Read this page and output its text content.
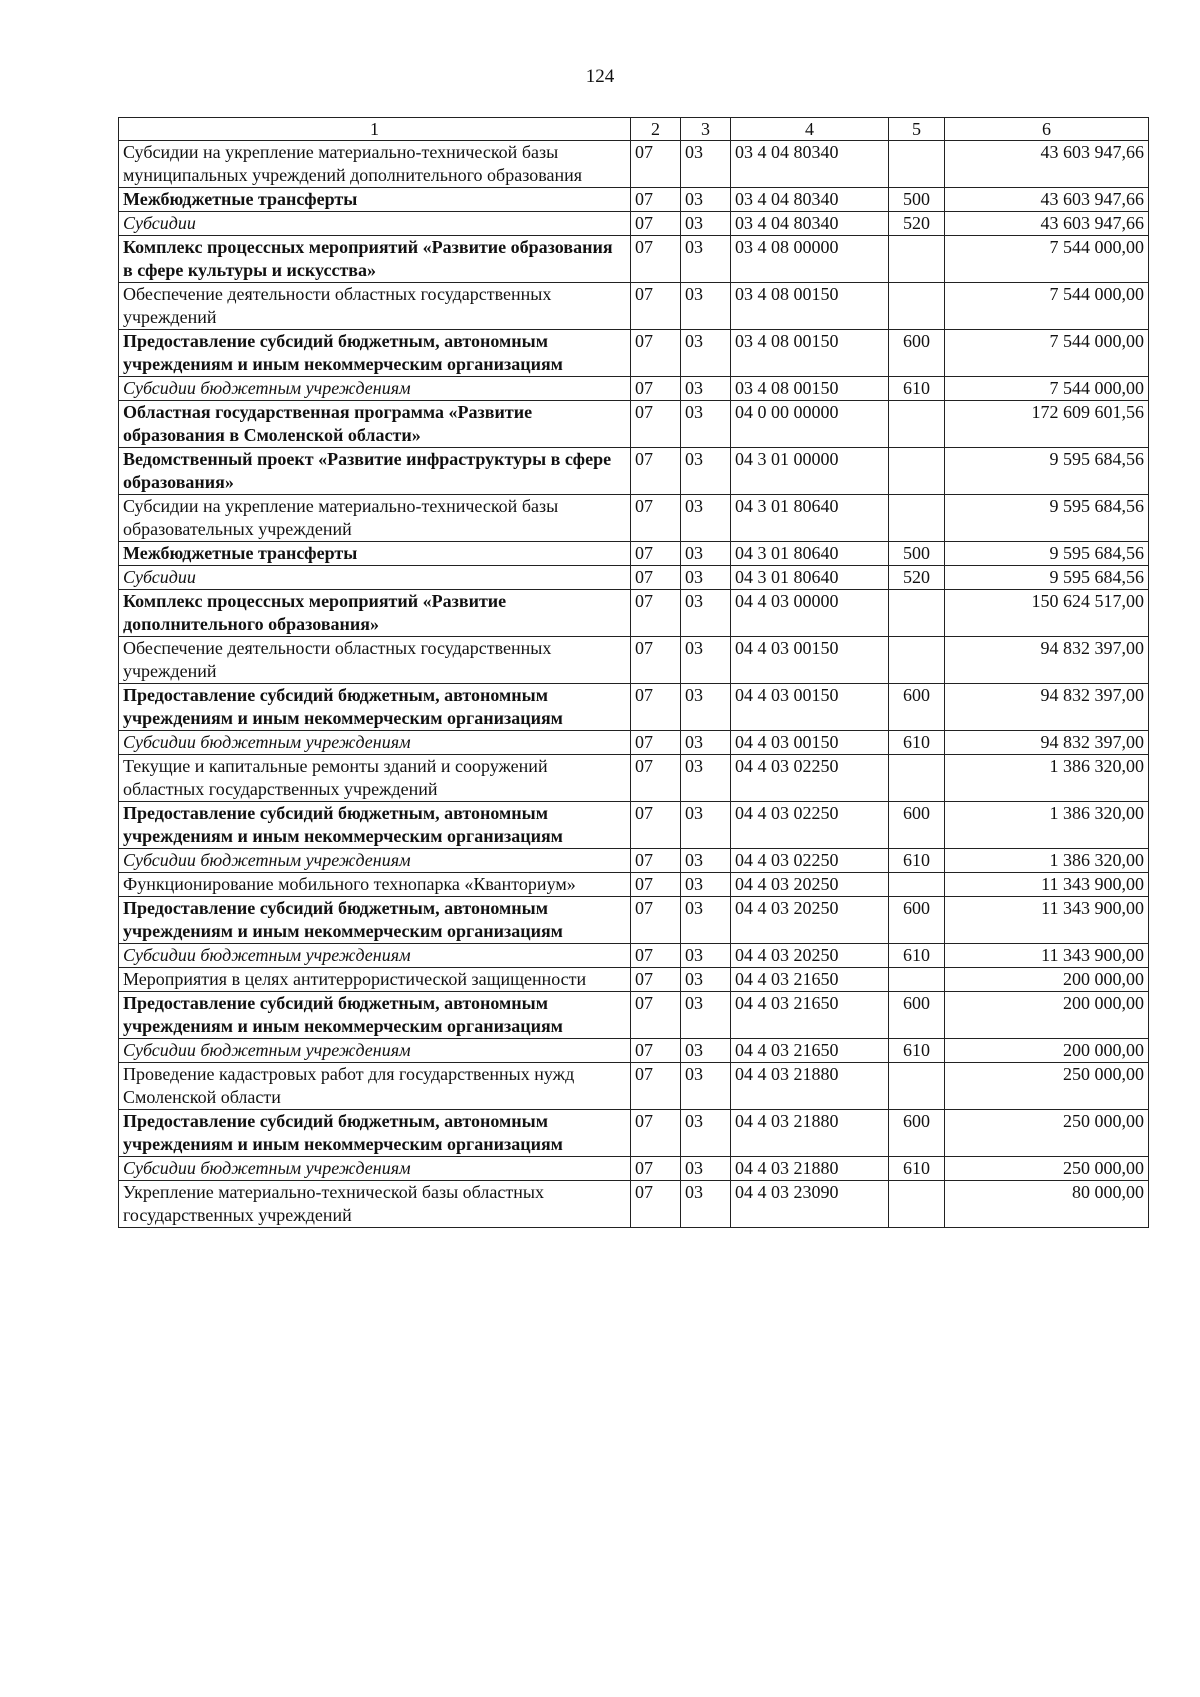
124
1	2	3	4	5	6
Субсидии на укрепление материально-технической базы муниципальных учреждений дополнительного образования	07	03	03 4 04 80340		43 603 947,66
Межбюджетные трансферты	07	03	03 4 04 80340	500	43 603 947,66
Субсидии	07	03	03 4 04 80340	520	43 603 947,66
Комплекс процессных мероприятий «Развитие образования в сфере культуры и искусства»	07	03	03 4 08 00000		7 544 000,00
Обеспечение деятельности областных государственных учреждений	07	03	03 4 08 00150		7 544 000,00
Предоставление субсидий бюджетным, автономным учреждениям и иным некоммерческим организациям	07	03	03 4 08 00150	600	7 544 000,00
Субсидии бюджетным учреждениям	07	03	03 4 08 00150	610	7 544 000,00
Областная государственная программа «Развитие образования в Смоленской области»	07	03	04 0 00 00000		172 609 601,56
Ведомственный проект «Развитие инфраструктуры в сфере образования»	07	03	04 3 01 00000		9 595 684,56
Субсидии на укрепление материально-технической базы образовательных учреждений	07	03	04 3 01 80640		9 595 684,56
Межбюджетные трансферты	07	03	04 3 01 80640	500	9 595 684,56
Субсидии	07	03	04 3 01 80640	520	9 595 684,56
Комплекс процессных мероприятий «Развитие дополнительного образования»	07	03	04 4 03 00000		150 624 517,00
Обеспечение деятельности областных государственных учреждений	07	03	04 4 03 00150		94 832 397,00
Предоставление субсидий бюджетным, автономным учреждениям и иным некоммерческим организациям	07	03	04 4 03 00150	600	94 832 397,00
Субсидии бюджетным учреждениям	07	03	04 4 03 00150	610	94 832 397,00
Текущие и капитальные ремонты зданий и сооружений областных государственных учреждений	07	03	04 4 03 02250		1 386 320,00
Предоставление субсидий бюджетным, автономным учреждениям и иным некоммерческим организациям	07	03	04 4 03 02250	600	1 386 320,00
Субсидии бюджетным учреждениям	07	03	04 4 03 02250	610	1 386 320,00
Функционирование мобильного технопарка «Кванториум»	07	03	04 4 03 20250		11 343 900,00
Предоставление субсидий бюджетным, автономным учреждениям и иным некоммерческим организациям	07	03	04 4 03 20250	600	11 343 900,00
Субсидии бюджетным учреждениям	07	03	04 4 03 20250	610	11 343 900,00
Мероприятия в целях антитеррористической защищенности	07	03	04 4 03 21650		200 000,00
Предоставление субсидий бюджетным, автономным учреждениям и иным некоммерческим организациям	07	03	04 4 03 21650	600	200 000,00
Субсидии бюджетным учреждениям	07	03	04 4 03 21650	610	200 000,00
Проведение кадастровых работ для государственных нужд Смоленской области	07	03	04 4 03 21880		250 000,00
Предоставление субсидий бюджетным, автономным учреждениям и иным некоммерческим организациям	07	03	04 4 03 21880	600	250 000,00
Субсидии бюджетным учреждениям	07	03	04 4 03 21880	610	250 000,00
Укрепление материально-технической базы областных государственных учреждений	07	03	04 4 03 23090		80 000,00
